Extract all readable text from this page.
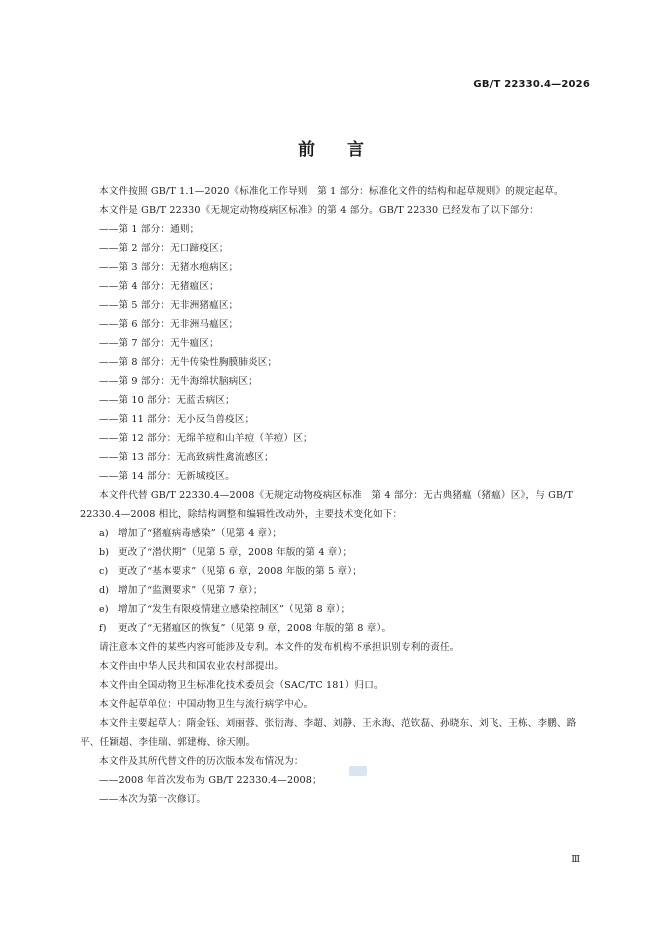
GB/T 22330.4—2026
前言

本文件按照 GB/T 1.1—2020《标准化工作导则　第 1 部分：标准化文件的结构和起草规则》的规定起草。

本文件是 GB/T 22330《无规定动物疫病区标准》的第 4 部分。GB/T 22330 已经发布了以下部分：

——第 1 部分：通则；

——第 2 部分：无口蹄疫区；

——第 3 部分：无猪水疱病区；

——第 4 部分：无猪瘟区；

——第 5 部分：无非洲猪瘟区；

——第 6 部分：无非洲马瘟区；

——第 7 部分：无牛瘟区；

——第 8 部分：无牛传染性胸膜肺炎区；

——第 9 部分：无牛海绵状脑病区；

——第 10 部分：无蓝舌病区；

——第 11 部分：无小反刍兽疫区；

——第 12 部分：无绵羊痘和山羊痘（羊痘）区；

——第 13 部分：无高致病性禽流感区；

——第 14 部分：无新城疫区。

本文件代替 GB/T 22330.4—2008《无规定动物疫病区标准　第 4 部分：无古典猪瘟（猪瘟）区》，与 GB/T 22330.4—2008 相比，除结构调整和编辑性改动外，主要技术变化如下：

a) 增加了“猪瘟病毒感染”（见第 4 章）；

b) 更改了“潜伏期”（见第 5 章，2008 年版的第 4 章）；

c) 更改了“基本要求”（见第 6 章，2008 年版的第 5 章）；

d) 增加了“监测要求”（见第 7 章）；

e) 增加了“发生有限疫情建立感染控制区”（见第 8 章）；

f) 更改了“无猪瘟区的恢复”（见第 9 章，2008 年版的第 8 章）。

请注意本文件的某些内容可能涉及专利。本文件的发布机构不承担识别专利的责任。

本文件由中华人民共和国农业农村部提出。

本文件由全国动物卫生标准化技术委员会（SAC/TC 181）归口。

本文件起草单位：中国动物卫生与流行病学中心。

本文件主要起草人：隋金钰、刘丽蓉、张衍海、李超、刘静、王永海、范钦磊、孙晓东、刘飞、王栋、李鹏、路平、任颖超、李佳瑞、郭建梅、徐天刚。

本文件及其所代替文件的历次版本发布情况为：

——2008 年首次发布为 GB/T 22330.4—2008；

——本次为第一次修订。

Ⅲ
